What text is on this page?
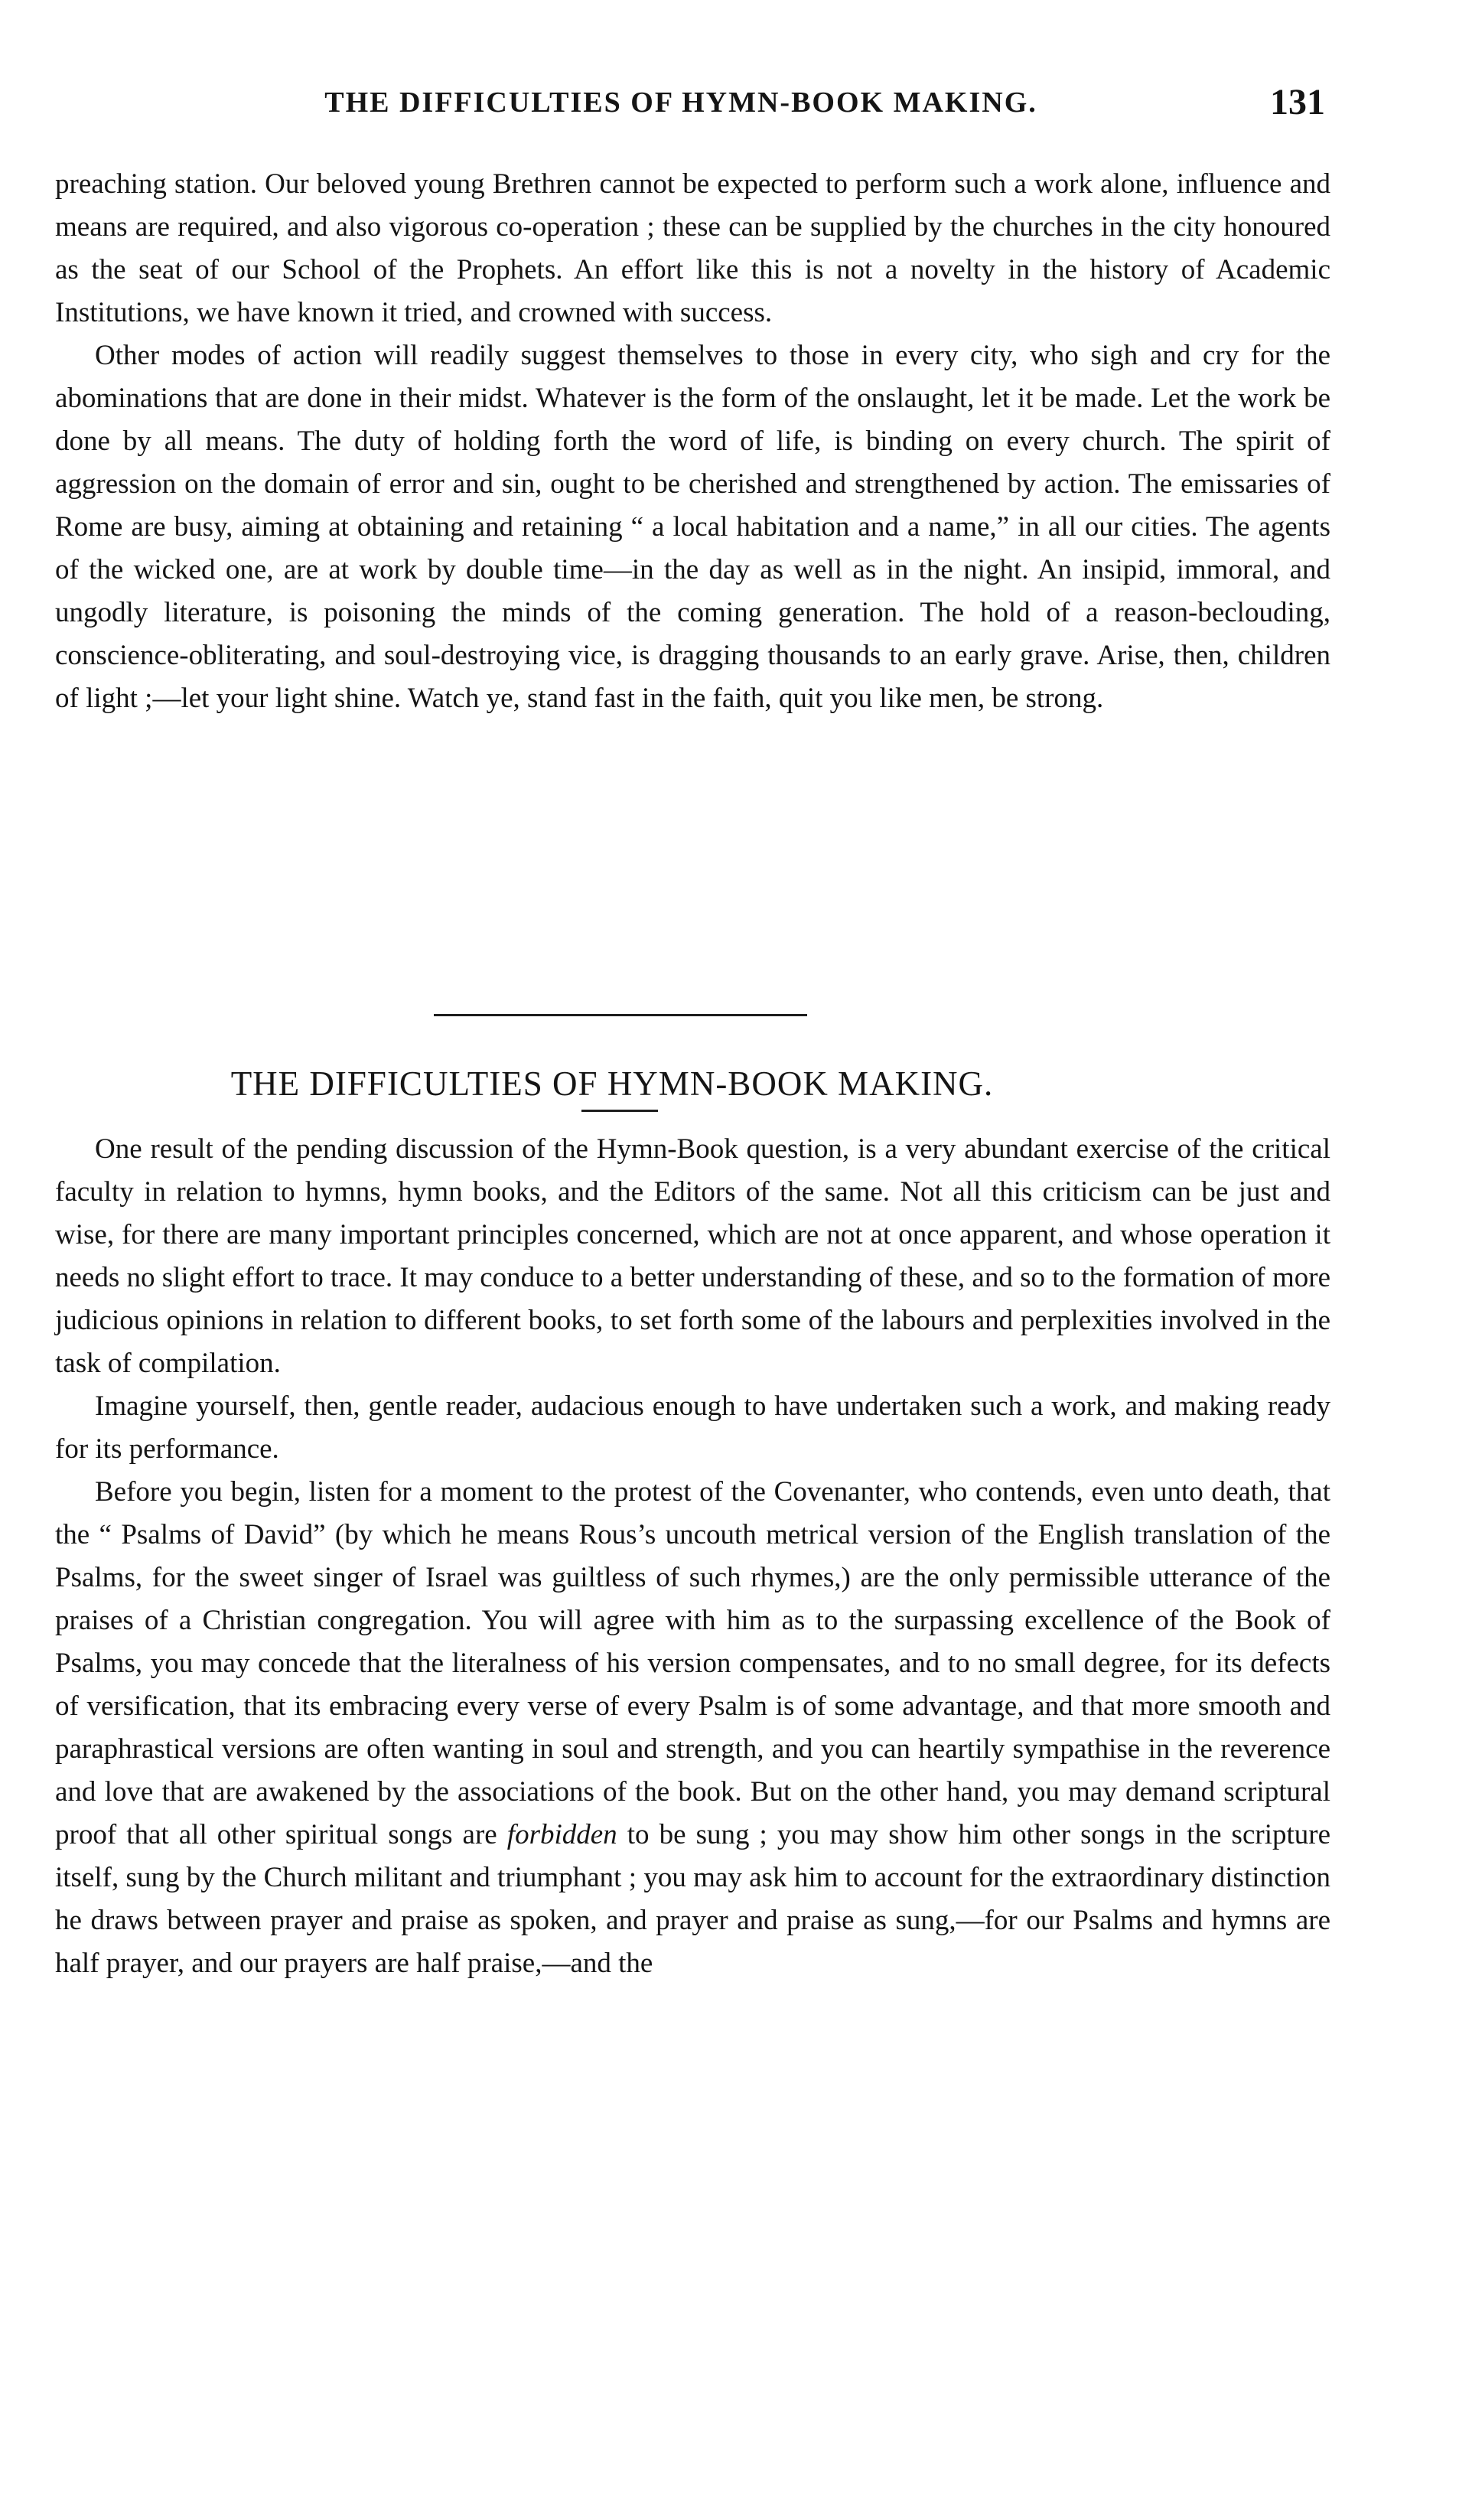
THE DIFFICULTIES OF HYMN-BOOK MAKING.	131

preaching station. Our beloved young Brethren cannot be expected to perform such a work alone, influence and means are required, and also vigorous co-operation ; these can be supplied by the churches in the city honoured as the seat of our School of the Prophets. An effort like this is not a novelty in the history of Academic Institutions, we have known it tried, and crowned with success.

Other modes of action will readily suggest themselves to those in every city, who sigh and cry for the abominations that are done in their midst. Whatever is the form of the onslaught, let it be made. Let the work be done by all means. The duty of holding forth the word of life, is binding on every church. The spirit of aggression on the domain of error and sin, ought to be cherished and strengthened by action. The emissaries of Rome are busy, aiming at obtaining and retaining “ a local habitation and a name,” in all our cities. The agents of the wicked one, are at work by double time—in the day as well as in the night. An insipid, immoral, and ungodly literature, is poisoning the minds of the coming generation. The hold of a reason-beclouding, conscience-obliterating, and soul-destroying vice, is dragging thousands to an early grave. Arise, then, children of light ;—let your light shine. Watch ye, stand fast in the faith, quit you like men, be strong.

THE DIFFICULTIES OF HYMN-BOOK MAKING.

One result of the pending discussion of the Hymn-Book question, is a very abundant exercise of the critical faculty in relation to hymns, hymn books, and the Editors of the same. Not all this criticism can be just and wise, for there are many important principles concerned, which are not at once apparent, and whose operation it needs no slight effort to trace. It may conduce to a better understanding of these, and so to the formation of more judicious opinions in relation to different books, to set forth some of the labours and perplexities involved in the task of compilation.

Imagine yourself, then, gentle reader, audacious enough to have undertaken such a work, and making ready for its performance.

Before you begin, listen for a moment to the protest of the Covenanter, who contends, even unto death, that the “ Psalms of David” (by which he means Rous’s uncouth metrical version of the English translation of the Psalms, for the sweet singer of Israel was guiltless of such rhymes,) are the only permissible utterance of the praises of a Christian congregation. You will agree with him as to the surpassing excellence of the Book of Psalms, you may concede that the literalness of his version compensates, and to no small degree, for its defects of versification, that its embracing every verse of every Psalm is of some advantage, and that more smooth and paraphrastical versions are often wanting in soul and strength, and you can heartily sympathise in the reverence and love that are awakened by the associations of the book. But on the other hand, you may demand scriptural proof that all other spiritual songs are forbidden to be sung ; you may show him other songs in the scripture itself, sung by the Church militant and triumphant ; you may ask him to account for the extraordinary distinction he draws between prayer and praise as spoken, and prayer and praise as sung,—for our Psalms and hymns are half prayer, and our prayers are half praise,—and the
